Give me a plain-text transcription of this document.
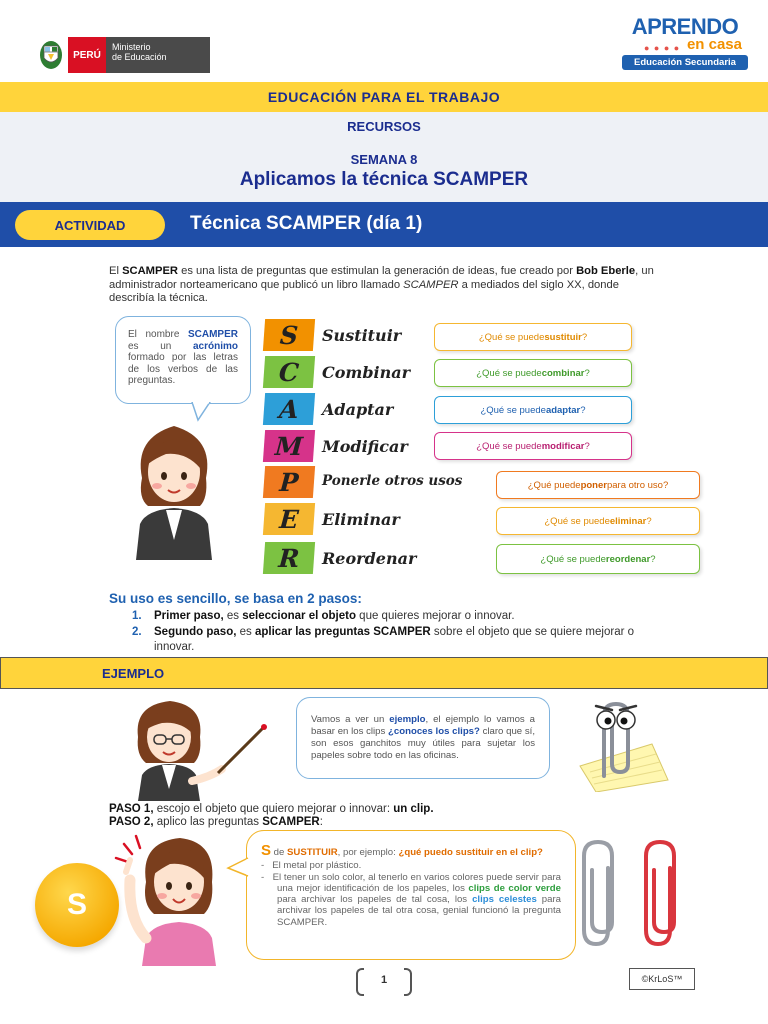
PERÚ
Ministerio
de Educación
APRENDO
● ● ● ● en casa
Educación Secundaria
EDUCACIÓN PARA EL TRABAJO
RECURSOS
SEMANA 8
Aplicamos la técnica SCAMPER
ACTIVIDAD	Técnica SCAMPER (día 1)
El SCAMPER es una lista de preguntas que estimulan la generación de ideas, fue creado por Bob Eberle, un administrador norteamericano que publicó un libro llamado SCAMPER a mediados del siglo XX, donde describía la técnica.
El nombre SCAMPER es un acrónimo formado por las letras de los verbos de las preguntas.
S	Sustituir	¿Qué se puede sustituir ?
C	Combinar	¿Qué se puede combinar ?
A	Adaptar	¿Qué se puede adaptar ?
M	Modificar	¿Qué se puede modificar ?
P	Ponerle otros usos	¿Qué puede poner para otro uso?
E	Eliminar	¿Qué se puede eliminar ?
R	Reordenar	¿Qué se puede reordenar ?
Su uso es sencillo, se basa en 2 pasos:
1. Primer paso, es seleccionar el objeto que quieres mejorar o innovar.
2. Segundo paso, es aplicar las preguntas SCAMPER sobre el objeto que se quiere mejorar o innovar.
EJEMPLO
Vamos a ver un ejemplo, el ejemplo lo vamos a basar en los clips ¿conoces los clips? claro que sí, son esos ganchitos muy útiles para sujetar los papeles sobre todo en las oficinas.
PASO 1, escojo el objeto que quiero mejorar o innovar: un clip.
PASO 2, aplico las preguntas SCAMPER:
S de SUSTITUIR, por ejemplo: ¿qué puedo sustituir en el clip?
-   El metal por plástico.
-   El tener un solo color, al tenerlo en varios colores puede servir para una mejor identificación de los papeles, los clips de color verde para archivar los papeles de tal cosa, los clips celestes para archivar los papeles de tal otra cosa, genial funcionó la pregunta SCAMPER.
S
1	©KrLoS™
